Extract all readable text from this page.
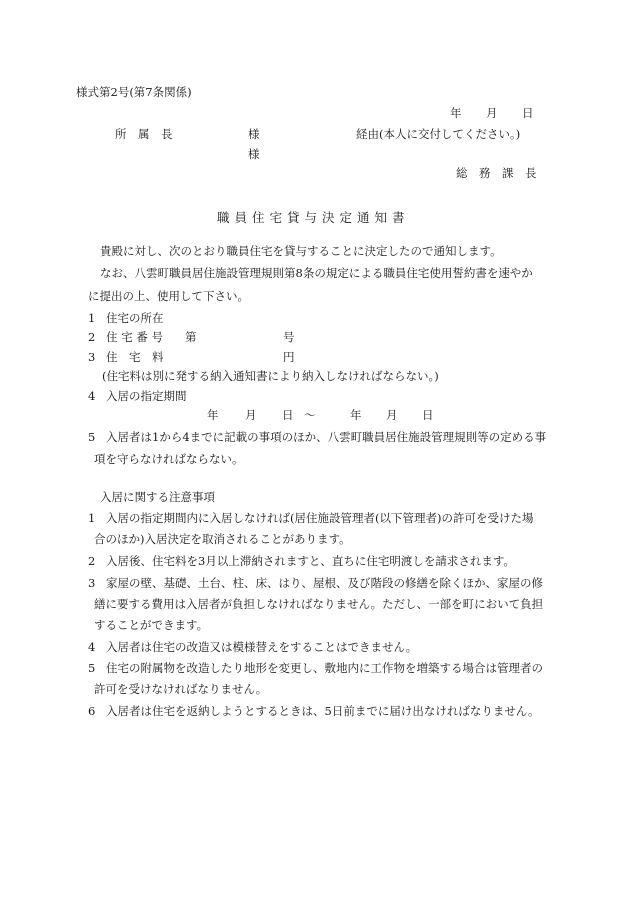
様式第2号(第7条関係)
年 月 日
所　属　長	様	経由(本人に交付してください。)
様
総　務　課　長
職員住宅貸与決定通知書
貴殿に対し、次のとおり職員住宅を貸与することに決定したので通知します。
なお、八雲町職員居住施設管理規則第8条の規定による職員住宅使用誓約書を速やか
に提出の上、使用して下さい。
1 住宅の所在
2 住 宅 番 号 第	号
3 住　宅　料	円
(住宅料は別に発する納入通知書により納入しなければならない。)
4 入居の指定期間
年 月 日 ～	年 月 日
5 入居者は1から4までに記載の事項のほか、八雲町職員居住施設管理規則等の定める事
項を守らなければならない。
入居に関する注意事項
1 入居の指定期間内に入居しなければ(居住施設管理者(以下管理者)の許可を受けた場
合のほか)入居決定を取消されることがあります。
2 入居後、住宅料を3月以上滞納されますと、直ちに住宅明渡しを請求されます。
3 家屋の壁、基礎、土台、柱、床、はり、屋根、及び階段の修繕を除くほか、家屋の修
繕に要する費用は入居者が負担しなければなりません。ただし、一部を町において負担
することができます。
4 入居者は住宅の改造又は模様替えをすることはできません。
5 住宅の附属物を改造したり地形を変更し、敷地内に工作物を増築する場合は管理者の
許可を受けなければなりません。
6 入居者は住宅を返納しようとするときは、5日前までに届け出なければなりません。
